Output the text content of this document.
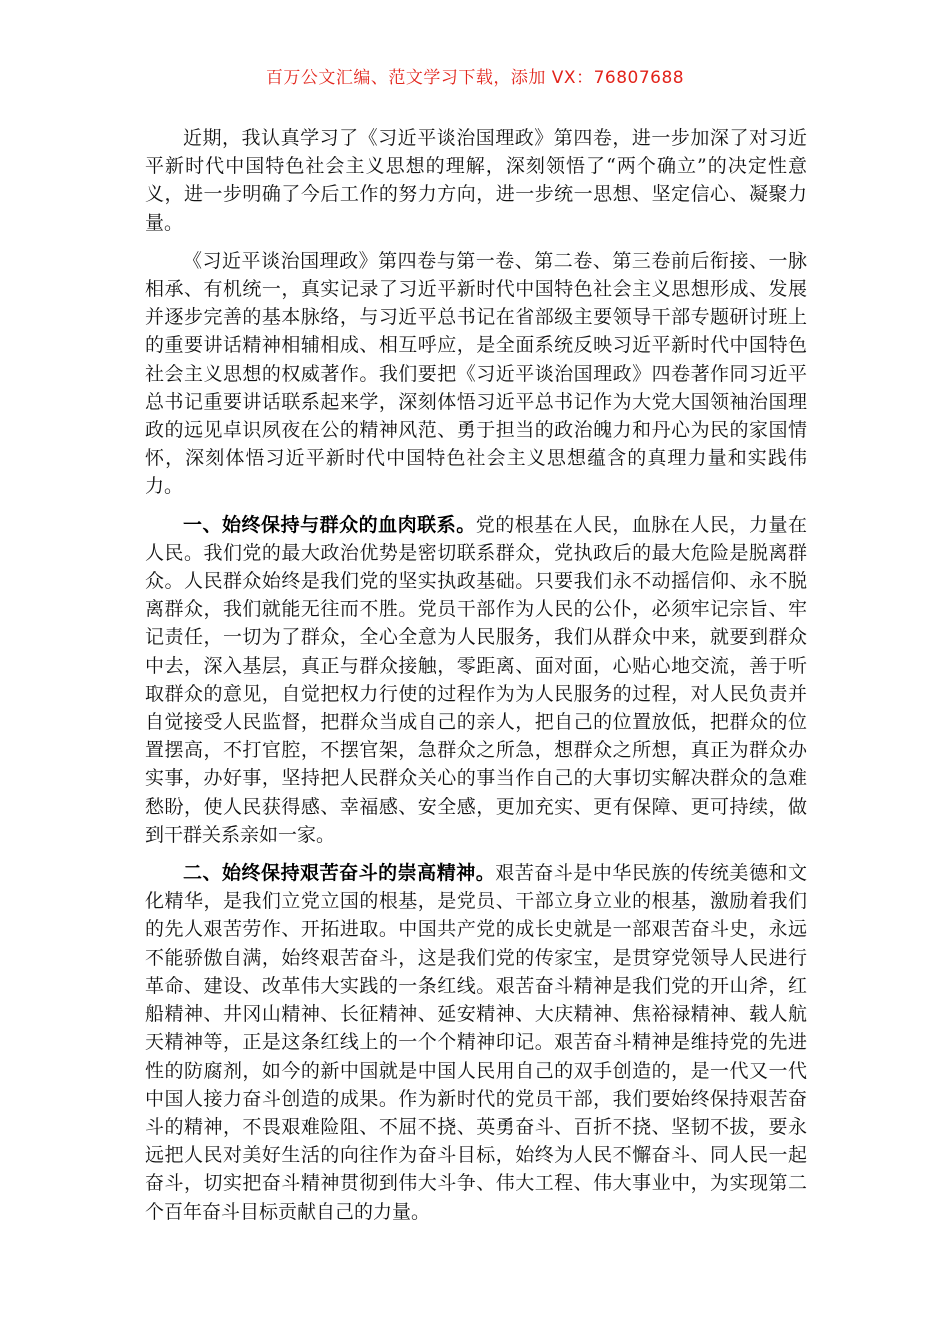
百万公文汇编、范文学习下载，添加 VX：76807688

近期，我认真学习了《习近平谈治国理政》第四卷，进一步加深了对习近平新时代中国特色社会主义思想的理解，深刻领悟了“两个确立”的决定性意义，进一步明确了今后工作的努力方向，进一步统一思想、坚定信心、凝聚力量。

《习近平谈治国理政》第四卷与第一卷、第二卷、第三卷前后衔接、一脉相承、有机统一，真实记录了习近平新时代中国特色社会主义思想形成、发展并逐步完善的基本脉络，与习近平总书记在省部级主要领导干部专题研讨班上的重要讲话精神相辅相成、相互呼应，是全面系统反映习近平新时代中国特色社会主义思想的权威著作。我们要把《习近平谈治国理政》四卷著作同习近平总书记重要讲话联系起来学，深刻体悟习近平总书记作为大党大国领袖治国理政的远见卓识夙夜在公的精神风范、勇于担当的政治魄力和丹心为民的家国情怀，深刻体悟习近平新时代中国特色社会主义思想蕴含的真理力量和实践伟力。

一、始终保持与群众的血肉联系。党的根基在人民，血脉在人民，力量在人民。我们党的最大政治优势是密切联系群众，党执政后的最大危险是脱离群众。人民群众始终是我们党的坚实执政基础。只要我们永不动摇信仰、永不脱离群众，我们就能无往而不胜。党员干部作为人民的公仆，必须牢记宗旨、牢记责任，一切为了群众，全心全意为人民服务，我们从群众中来，就要到群众中去，深入基层，真正与群众接触，零距离、面对面，心贴心地交流，善于听取群众的意见，自觉把权力行使的过程作为为人民服务的过程，对人民负责并自觉接受人民监督，把群众当成自己的亲人，把自己的位置放低，把群众的位置摆高，不打官腔，不摆官架，急群众之所急，想群众之所想，真正为群众办实事，办好事，坚持把人民群众关心的事当作自己的大事切实解决群众的急难愁盼，使人民获得感、幸福感、安全感，更加充实、更有保障、更可持续，做到干群关系亲如一家。

二、始终保持艰苦奋斗的崇高精神。艰苦奋斗是中华民族的传统美德和文化精华，是我们立党立国的根基，是党员、干部立身立业的根基，激励着我们的先人艰苦劳作、开拓进取。中国共产党的成长史就是一部艰苦奋斗史，永远不能骄傲自满，始终艰苦奋斗，这是我们党的传家宝，是贯穿党领导人民进行革命、建设、改革伟大实践的一条红线。艰苦奋斗精神是我们党的开山斧，红船精神、井冈山精神、长征精神、延安精神、大庆精神、焦裕禄精神、载人航天精神等，正是这条红线上的一个个精神印记。艰苦奋斗精神是维持党的先进性的防腐剂，如今的新中国就是中国人民用自己的双手创造的，是一代又一代中国人接力奋斗创造的成果。作为新时代的党员干部，我们要始终保持艰苦奋斗的精神，不畏艰难险阻、不屈不挠、英勇奋斗、百折不挠、坚韧不拔，要永远把人民对美好生活的向往作为奋斗目标，始终为人民不懈奋斗、同人民一起奋斗，切实把奋斗精神贯彻到伟大斗争、伟大工程、伟大事业中，为实现第二个百年奋斗目标贡献自己的力量。
